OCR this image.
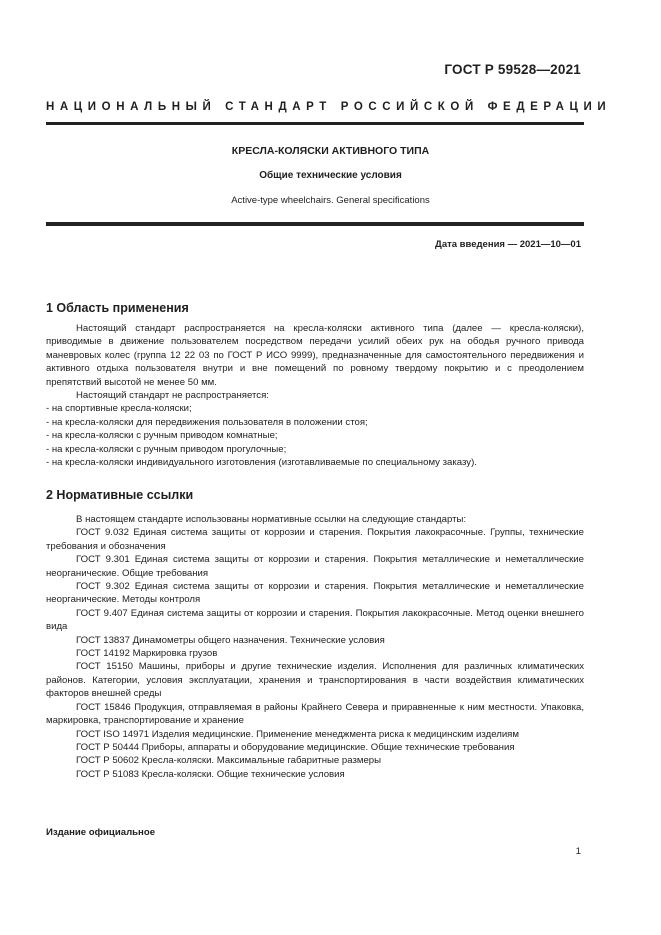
ГОСТ Р 59528—2021
НАЦИОНАЛЬНЫЙ СТАНДАРТ РОССИЙСКОЙ ФЕДЕРАЦИИ
КРЕСЛА-КОЛЯСКИ АКТИВНОГО ТИПА
Общие технические условия
Active-type wheelchairs. General specifications
Дата введения — 2021—10—01
1 Область применения
Настоящий стандарт распространяется на кресла-коляски активного типа (далее — кресла-коляски), приводимые в движение пользователем посредством передачи усилий обеих рук на ободья ручного привода маневровых колес (группа 12 22 03 по ГОСТ Р ИСО 9999), предназначенные для самостоятельного передвижения и активного отдыха пользователя внутри и вне помещений по ровному твердому покрытию и с преодолением препятствий высотой не менее 50 мм.
Настоящий стандарт не распространяется:
- на спортивные кресла-коляски;
- на кресла-коляски для передвижения пользователя в положении стоя;
- на кресла-коляски с ручным приводом комнатные;
- на кресла-коляски с ручным приводом прогулочные;
- на кресла-коляски индивидуального изготовления (изготавливаемые по специальному заказу).
2 Нормативные ссылки
В настоящем стандарте использованы нормативные ссылки на следующие стандарты:
ГОСТ 9.032 Единая система защиты от коррозии и старения. Покрытия лакокрасочные. Группы, технические требования и обозначения
ГОСТ 9.301 Единая система защиты от коррозии и старения. Покрытия металлические и неметаллические неорганические. Общие требования
ГОСТ 9.302 Единая система защиты от коррозии и старения. Покрытия металлические и неметаллические неорганические. Методы контроля
ГОСТ 9.407 Единая система защиты от коррозии и старения. Покрытия лакокрасочные. Метод оценки внешнего вида
ГОСТ 13837 Динамометры общего назначения. Технические условия
ГОСТ 14192 Маркировка грузов
ГОСТ 15150 Машины, приборы и другие технические изделия. Исполнения для различных климатических районов. Категории, условия эксплуатации, хранения и транспортирования в части воздействия климатических факторов внешней среды
ГОСТ 15846 Продукция, отправляемая в районы Крайнего Севера и приравненные к ним местности. Упаковка, маркировка, транспортирование и хранение
ГОСТ ISO 14971 Изделия медицинские. Применение менеджмента риска к медицинским изделиям
ГОСТ Р 50444 Приборы, аппараты и оборудование медицинские. Общие технические требования
ГОСТ Р 50602 Кресла-коляски. Максимальные габаритные размеры
ГОСТ Р 51083 Кресла-коляски. Общие технические условия
Издание официальное
1
